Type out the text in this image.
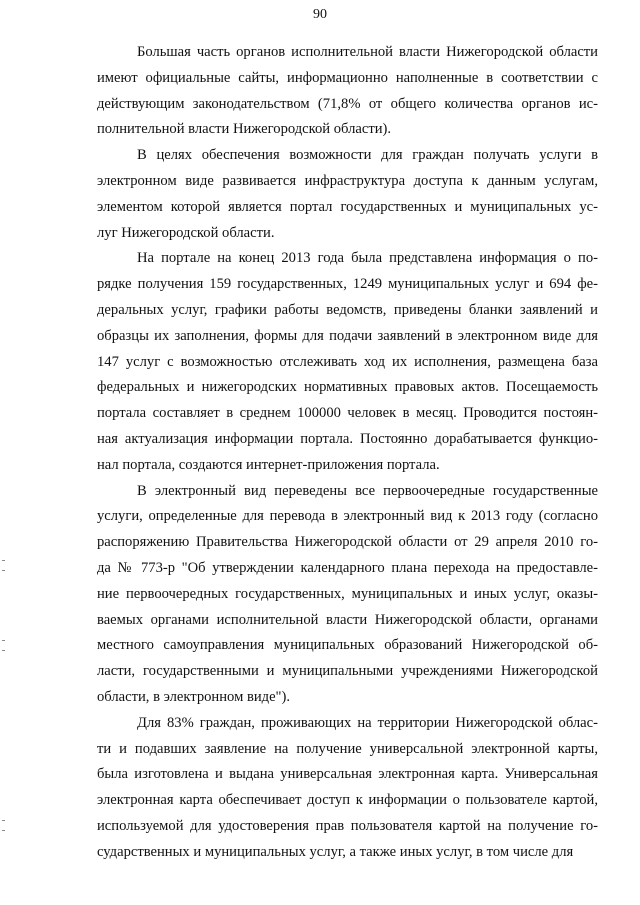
90
Большая часть органов исполнительной власти Нижегородской области
имеют официальные сайты, информационно наполненные в соответствии с
действующим законодательством (71,8% от общего количества органов ис-
полнительной власти Нижегородской области).
В целях обеспечения возможности для граждан получать услуги в
электронном виде развивается инфраструктура доступа к данным услугам,
элементом которой является портал государственных и муниципальных ус-
луг Нижегородской области.
На портале на конец 2013 года была представлена информация о по-
рядке получения 159 государственных, 1249 муниципальных услуг и 694 фе-
деральных услуг, графики работы ведомств, приведены бланки заявлений и
образцы их заполнения, формы для подачи заявлений в электронном виде для
147 услуг с возможностью отслеживать ход их исполнения, размещена база
федеральных и нижегородских нормативных правовых актов. Посещаемость
портала составляет в среднем 100000 человек в месяц. Проводится постоян-
ная актуализация информации портала. Постоянно дорабатывается функцио-
нал портала, создаются интернет-приложения портала.
В электронный вид переведены все первоочередные государственные
услуги, определенные для перевода в электронный вид к 2013 году (согласно
распоряжению Правительства Нижегородской области от 29 апреля 2010 го-
да № 773-р "Об утверждении календарного плана перехода на предоставле-
ние первоочередных государственных, муниципальных и иных услуг, оказы-
ваемых органами исполнительной власти Нижегородской области, органами
местного самоуправления муниципальных образований Нижегородской об-
ласти, государственными и муниципальными учреждениями Нижегородской
области, в электронном виде").
Для 83% граждан, проживающих на территории Нижегородской облас-
ти и подавших заявление на получение универсальной электронной карты,
была изготовлена и выдана универсальная электронная карта. Универсальная
электронная карта обеспечивает доступ к информации о пользователе картой,
используемой для удостоверения прав пользователя картой на получение го-
сударственных и муниципальных услуг, а также иных услуг, в том числе для
